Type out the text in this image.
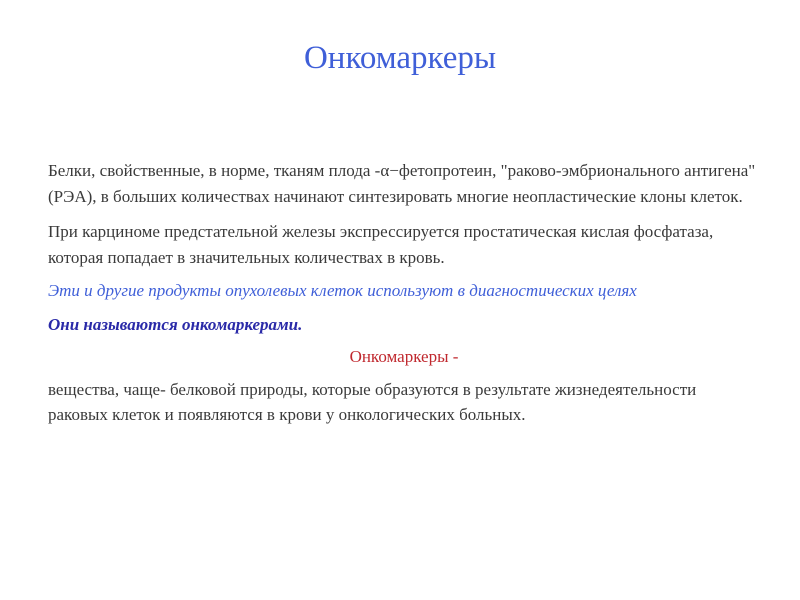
Онкомаркеры

Белки, свойственные, в норме, тканям плода -α−фетопротеин, "раково-эмбрионального антигена" (РЭА), в больших количествах начинают синтезировать многие неопластические клоны клеток.

При карциноме предстательной железы экспрессируется простатическая кислая фосфатаза, которая попадает в значительных количествах в кровь.

Эти и другие продукты опухолевых клеток используют в диагностических целях

Они называются онкомаркерами.

Онкомаркеры -

вещества, чаще- белковой природы, которые образуются в результате жизнедеятельности раковых клеток и появляются в крови у онкологических больных.
